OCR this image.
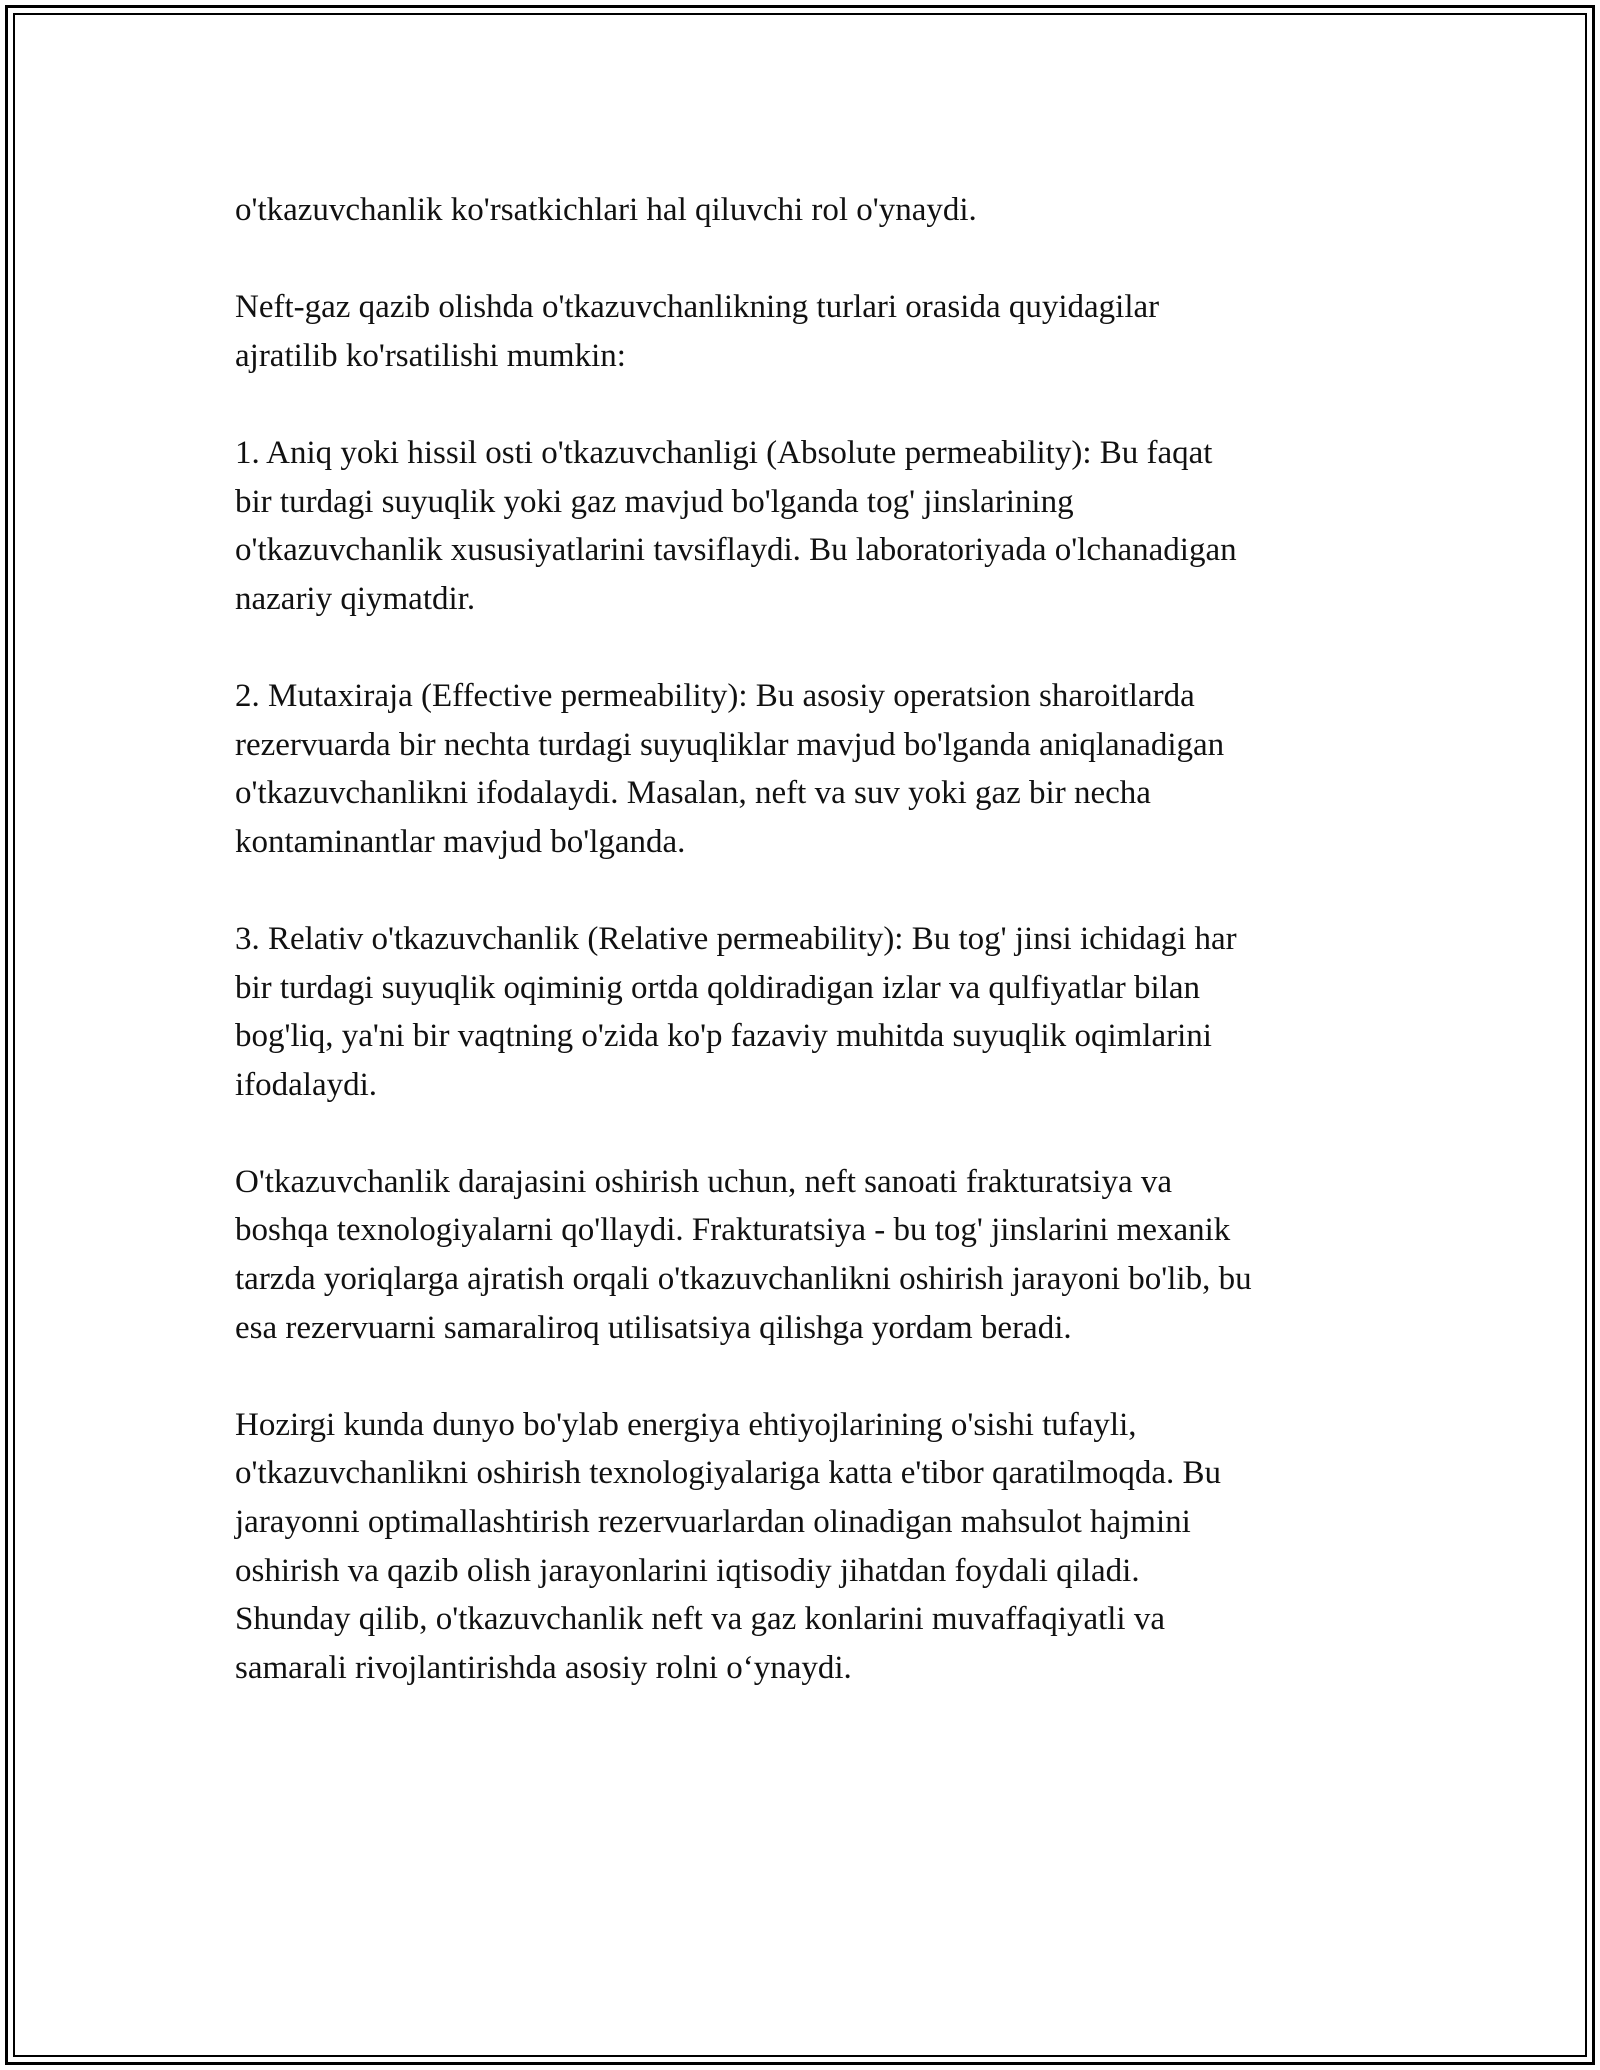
o'tkazuvchanlik ko'rsatkichlari hal qiluvchi rol o'ynaydi.

Neft-gaz qazib olishda o'tkazuvchanlikning turlari orasida quyidagilar
ajratilib ko'rsatilishi mumkin:

1. Aniq yoki hissil osti o'tkazuvchanligi (Absolute permeability): Bu faqat
bir turdagi suyuqlik yoki gaz mavjud bo'lganda tog' jinslarining
o'tkazuvchanlik xususiyatlarini tavsiflaydi. Bu laboratoriyada o'lchanadigan
nazariy qiymatdir.

2. Mutaxiraja (Effective permeability): Bu asosiy operatsion sharoitlarda
rezervuarda bir nechta turdagi suyuqliklar mavjud bo'lganda aniqlanadigan
o'tkazuvchanlikni ifodalaydi. Masalan, neft va suv yoki gaz bir necha
kontaminantlar mavjud bo'lganda.

3. Relativ o'tkazuvchanlik (Relative permeability): Bu tog' jinsi ichidagi har
bir turdagi suyuqlik oqiminig ortda qoldiradigan izlar va qulfiyatlar bilan
bog'liq, ya'ni bir vaqtning o'zida ko'p fazaviy muhitda suyuqlik oqimlarini
ifodalaydi.

O'tkazuvchanlik darajasini oshirish uchun, neft sanoati frakturatsiya va
boshqa texnologiyalarni qo'llaydi. Frakturatsiya - bu tog' jinslarini mexanik
tarzda yoriqlarga ajratish orqali o'tkazuvchanlikni oshirish jarayoni bo'lib, bu
esa rezervuarni samaraliroq utilisatsiya qilishga yordam beradi.

Hozirgi kunda dunyo bo'ylab energiya ehtiyojlarining o'sishi tufayli,
o'tkazuvchanlikni oshirish texnologiyalariga katta e'tibor qaratilmoqda. Bu
jarayonni optimallashtirish rezervuarlardan olinadigan mahsulot hajmini
oshirish va qazib olish jarayonlarini iqtisodiy jihatdan foydali qiladi.
Shunday qilib, o'tkazuvchanlik neft va gaz konlarini muvaffaqiyatli va
samarali rivojlantirishda asosiy rolni o‘ynaydi.
